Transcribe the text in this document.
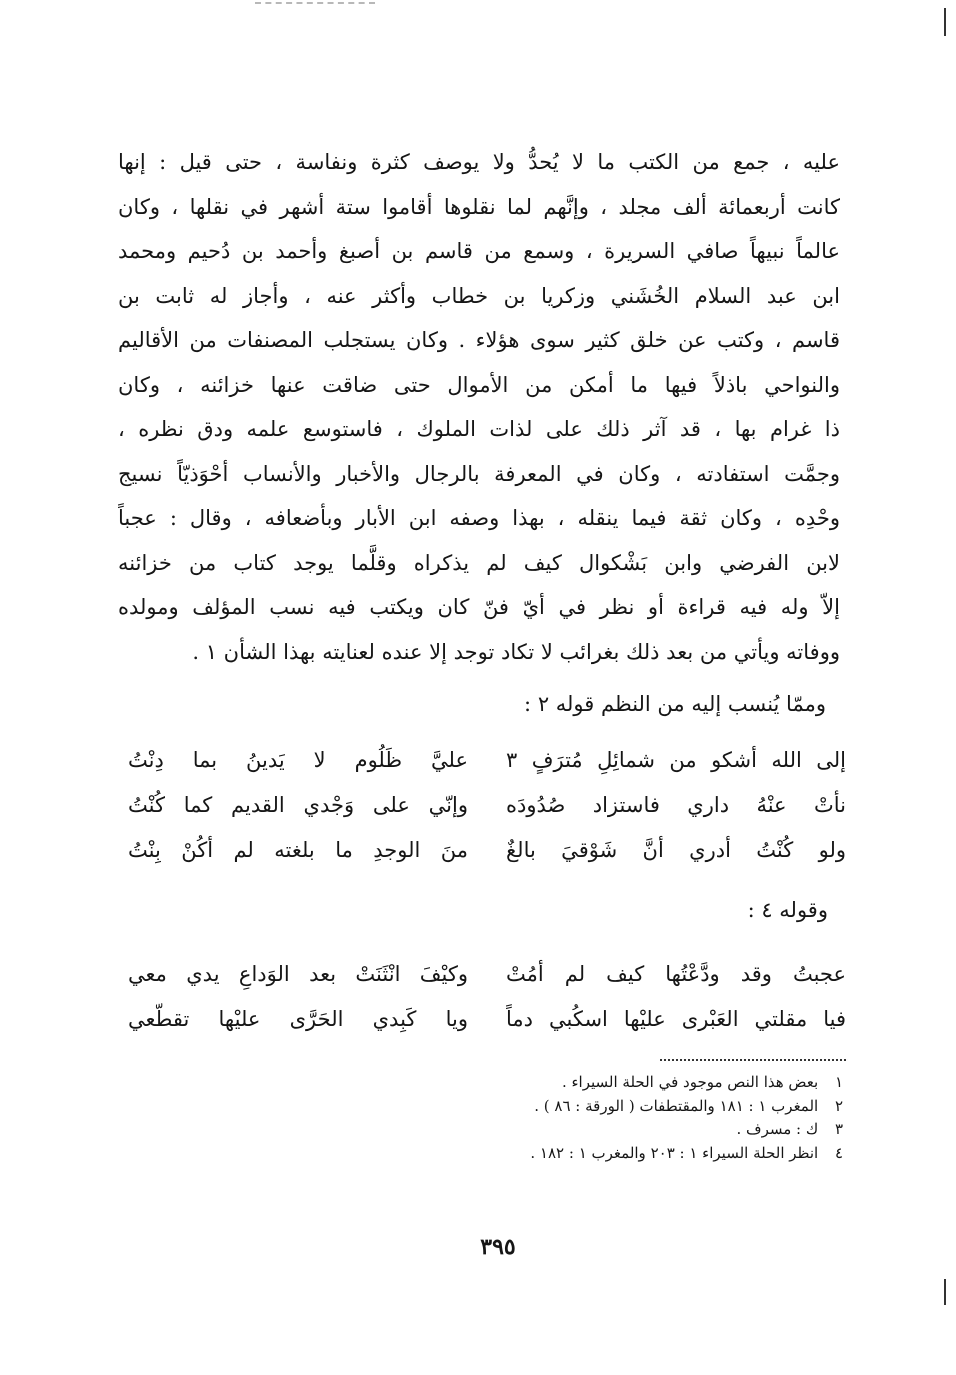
عليه ، جمع من الكتب ما لا يُحدُّ ولا يوصف كثرة ونفاسة ، حتى قيل : إنها
كانت أربعمائة ألف مجلد ، وإنَّهم لما نقلوها أقاموا ستة أشهر في نقلها ، وكان
عالماً نبيهاً صافي السريرة ، وسمع من قاسم بن أصبغ وأحمد بن دُحيم ومحمد
ابن عبد السلام الخُشَني وزكريا بن خطاب وأكثر عنه ، وأجاز له ثابت بن
قاسم ، وكتب عن خلق كثير سوى هؤلاء . وكان يستجلب المصنفات من الأقاليم
والنواحي باذلاً فيها ما أمكن من الأموال حتى ضاقت عنها خزائنه ، وكان
ذا غرام بها ، قد آثر ذلك على لذات الملوك ، فاستوسع علمه ودق نظره ،
وجمَّت استفادته ، وكان في المعرفة بالرجال والأخبار والأنساب أحْوَذيّاً نسيج
وحْدِه ، وكان ثقة فيما ينقله ، بهذا وصفه ابن الأبار وبأضعافه ، وقال : عجباً
لابن الفرضي وابن بَشْكوال كيف لم يذكراه وقلَّما يوجد كتاب من خزائنه
إلاّ وله فيه قراءة أو نظر في أيّ فنّ كان ويكتب فيه نسب المؤلف ومولده
ووفاته ويأتي من بعد ذلك بغرائب لا تكاد توجد إلا عنده لعنايته بهذا الشأن ١ .
وممّا يُنسب إليه من النظم قوله ٢ :
إلى الله أشكو من شمائِلِ مُترَفٍ ٣
عليَّ ظَلُوم لا يَدينُ بما دِنْتُ
نأتْ عنْهُ داري فاستزاد صُدُودَه
وإنّي على وَجْدي القديم كما كُنْتُ
ولو كُنْتُ أدري أنَّ شَوْقيَ بالغٌ
منَ الوجدِ ما بلغته لم أكُنْ بِنْتُ
وقوله ٤ :
عجبتُ وقد ودَّعْتُها كيف لم أمُتْ
وكيْفَ انْثَنَتْ بعد الوَداعِ يدي معي
فيا مقلتي العَبْرى عليْها اسكُبي دماً
ويا كَبِدي الحَرَّى عليْها تقطّعي
١ بعض هذا النص موجود في الحلة السيراء .
٢ المغرب ١ : ١٨١ والمقتطفات ( الورقة : ٨٦ ) .
٣ ك : مسرف .
٤ انظر الحلة السيراء ١ : ٢٠٣ والمغرب ١ : ١٨٢ .
٣٩٥
